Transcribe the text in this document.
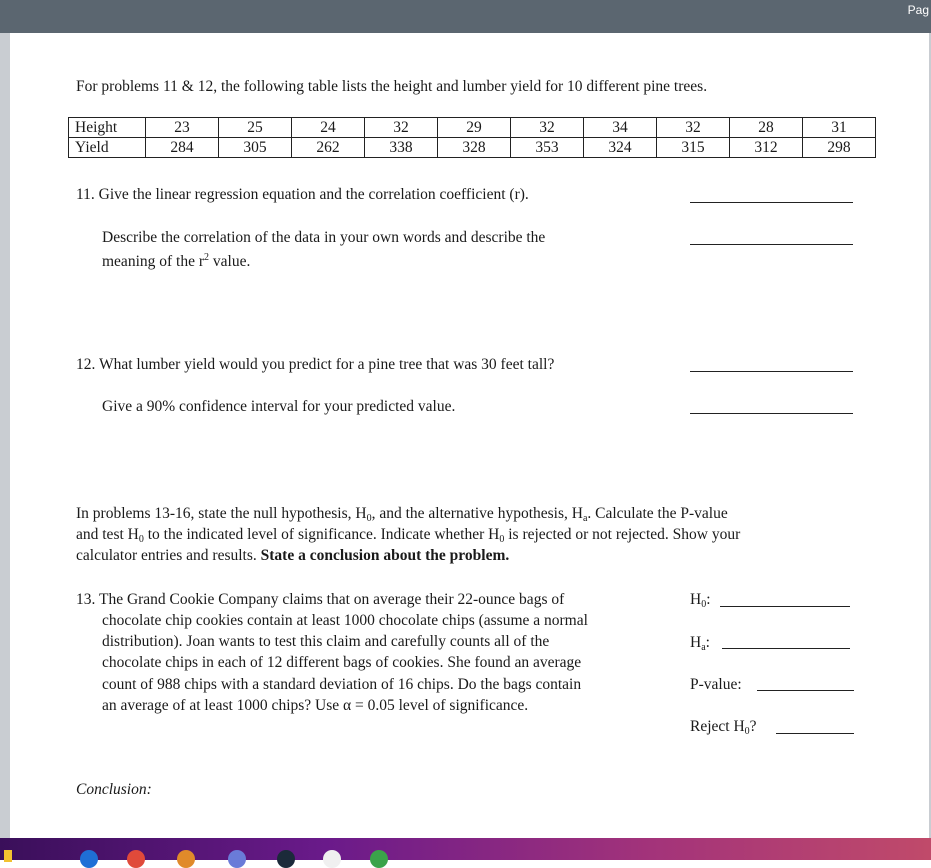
Pag
For problems 11 & 12, the following table lists the height and lumber yield for 10 different pine trees.
Height	23	25	24	32	29	32	34	32	28	31
Yield	284	305	262	338	328	353	324	315	312	298
11. Give the linear regression equation and the correlation coefficient (r).
Describe the correlation of the data in your own words and describe the
meaning of the $r^2$ value.
12. What lumber yield would you predict for a pine tree that was 30 feet tall?
Give a 90% confidence interval for your predicted value.
In problems 13-16, state the null hypothesis, $H_0$, and the alternative hypothesis, $H_a$. Calculate the P-value
and test $H_0$ to the indicated level of significance. Indicate whether $H_0$ is rejected or not rejected. Show your
calculator entries and results. State a conclusion about the problem.
13. The Grand Cookie Company claims that on average their 22-ounce bags of
chocolate chip cookies contain at least 1000 chocolate chips (assume a normal
distribution). Joan wants to test this claim and carefully counts all of the
chocolate chips in each of 12 different bags of cookies. She found an average
count of 988 chips with a standard deviation of 16 chips. Do the bags contain
an average of at least 1000 chips? Use α = 0.05 level of significance.
$H_0$:
$H_a$:
P-value:
Reject $H_0$?
Conclusion:
